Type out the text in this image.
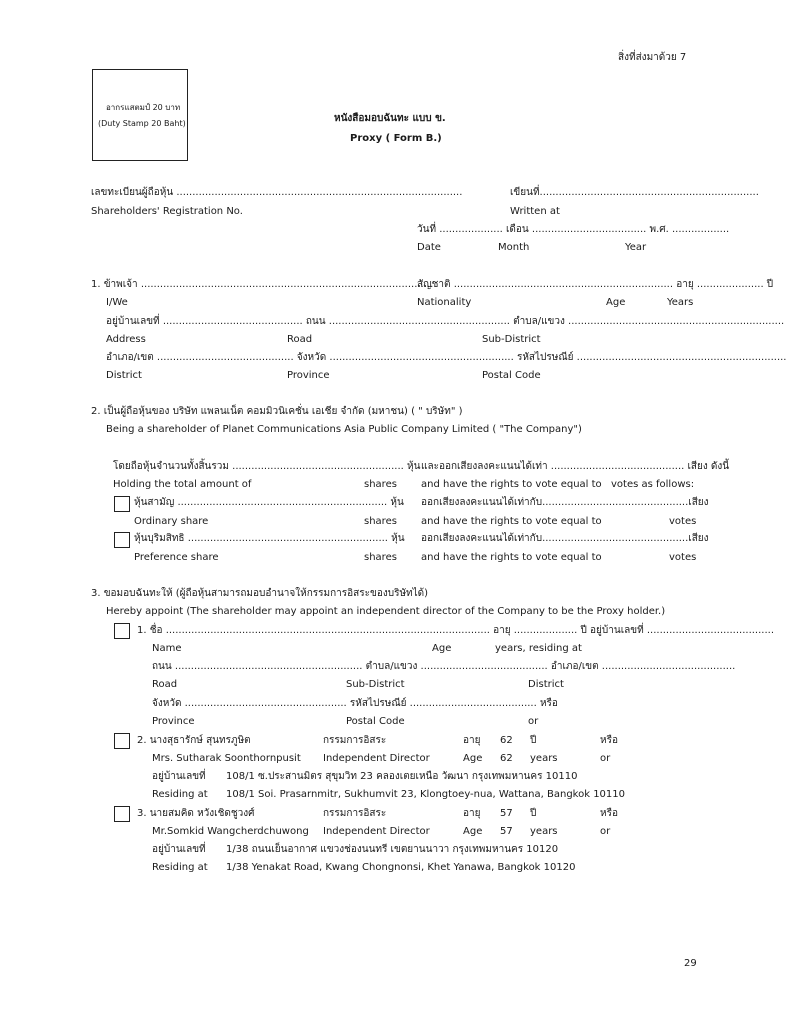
สิ่งที่ส่งมาด้วย 7
อากรแสตมป์ 20 บาท
(Duty Stamp 20 Baht)	หนังสือมอบฉันทะ แบบ ข.
Proxy ( Form B.)
เลขทะเบียนผู้ถือหุ้น ..........................................................................................	เขียนที่.....................................................................
Shareholders' Registration No.	Written at
วันที่ .................... เดือน .................................... พ.ศ. ..................
Date	Month	Year
1. ข้าพเจ้า .............................................................................................
สัญชาติ ..................................................................... อายุ ..................... ปี
I/We	Nationality	Age	Years
อยู่บ้านเลขที่ ............................................ ถนน ......................................................... ตำบล/แขวง ....................................................................
Address	Road	Sub-District
อำเภอ/เขต ........................................... จังหวัด .......................................................... รหัสไปรษณีย์ ..................................................................
District	Province	Postal Code
2. เป็นผู้ถือหุ้นของ บริษัท แพลนเน็ต คอมมิวนิเคชั่น เอเชีย จำกัด (มหาชน) ( " บริษัท" )
Being a shareholder of Planet Communications Asia Public Company Limited ( "The Company")
โดยถือหุ้นจำนวนทั้งสิ้นรวม ...................................................... หุ้น และออกเสียงลงคะแนนได้เท่า .......................................... เสียง ดังนี้
Holding the total amount of	shares and have the rights to vote equal to votes as follows:
หุ้นสามัญ .................................................................. หุ้น ออกเสียงลงคะแนนได้เท่ากับ..............................................เสียง
Ordinary share	shares and have the rights to vote equal to	votes
หุ้นบุริมสิทธิ ............................................................... หุ้น ออกเสียงลงคะแนนได้เท่ากับ..............................................เสียง
Preference share	shares and have the rights to vote equal to	votes
3. ขอมอบฉันทะให้ (ผู้ถือหุ้นสามารถมอบอำนาจให้กรรมการอิสระของบริษัทได้)
Hereby appoint (The shareholder may appoint an independent director of the Company to be the Proxy holder.)
1. ชื่อ ...................................................................................................... อายุ .................... ปี อยู่บ้านเลขที่ ........................................
Name	Age	years, residing at
ถนน ........................................................... ตำบล/แขวง ........................................ อำเภอ/เขต ..........................................
Road	Sub-District	District
จังหวัด ................................................... รหัสไปรษณีย์ ........................................ หรือ
Province	Postal Code	or
2. นางสุธารักษ์ สุนทรภูษิต	กรรมการอิสระ	อายุ 62 ปี	หรือ
Mrs. Sutharak Soonthornpusit Independent Director	Age 62 years	or
อยู่บ้านเลขที่ 108/1 ซ.ประสานมิตร สุขุมวิท 23 คลองเตยเหนือ วัฒนา กรุงเทพมหานคร 10110
Residing at 108/1 Soi. Prasarnmitr, Sukhumvit 23, Klongtoey-nua, Wattana, Bangkok 10110
3. นายสมคิด หวังเชิดชูวงศ์	กรรมการอิสระ	อายุ 57 ปี	หรือ
Mr.Somkid Wangcherdchuwong Independent Director	Age 57 years	or
อยู่บ้านเลขที่ 1/38 ถนนเย็นอากาศ แขวงช่องนนทรี เขตยานนาวา กรุงเทพมหานคร 10120
Residing at 1/38 Yenakat Road, Kwang Chongnonsi, Khet Yanawa, Bangkok 10120
29
